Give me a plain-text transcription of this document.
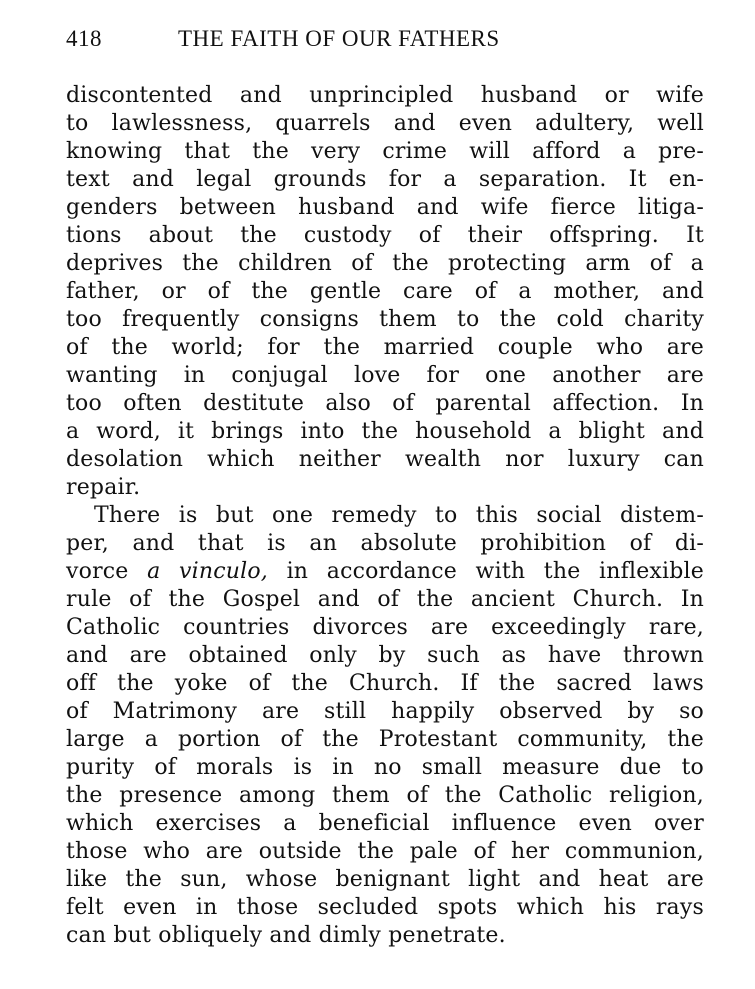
418	THE FAITH OF OUR FATHERS
discontented and unprincipled husband or wife
to lawlessness, quarrels and even adultery, well
knowing that the very crime will afford a pre-
text and legal grounds for a separation. It en-
genders between husband and wife fierce litiga-
tions about the custody of their offspring. It
deprives the children of the protecting arm of a
father, or of the gentle care of a mother, and
too frequently consigns them to the cold charity
of the world; for the married couple who are
wanting in conjugal love for one another are
too often destitute also of parental affection. In
a word, it brings into the household a blight and
desolation which neither wealth nor luxury can
repair.
There is but one remedy to this social distem-
per, and that is an absolute prohibition of di-
vorce a vinculo, in accordance with the inflexible
rule of the Gospel and of the ancient Church. In
Catholic countries divorces are exceedingly rare,
and are obtained only by such as have thrown
off the yoke of the Church. If the sacred laws
of Matrimony are still happily observed by so
large a portion of the Protestant community, the
purity of morals is in no small measure due to
the presence among them of the Catholic religion,
which exercises a beneficial influence even over
those who are outside the pale of her communion,
like the sun, whose benignant light and heat are
felt even in those secluded spots which his rays
can but obliquely and dimly penetrate.
